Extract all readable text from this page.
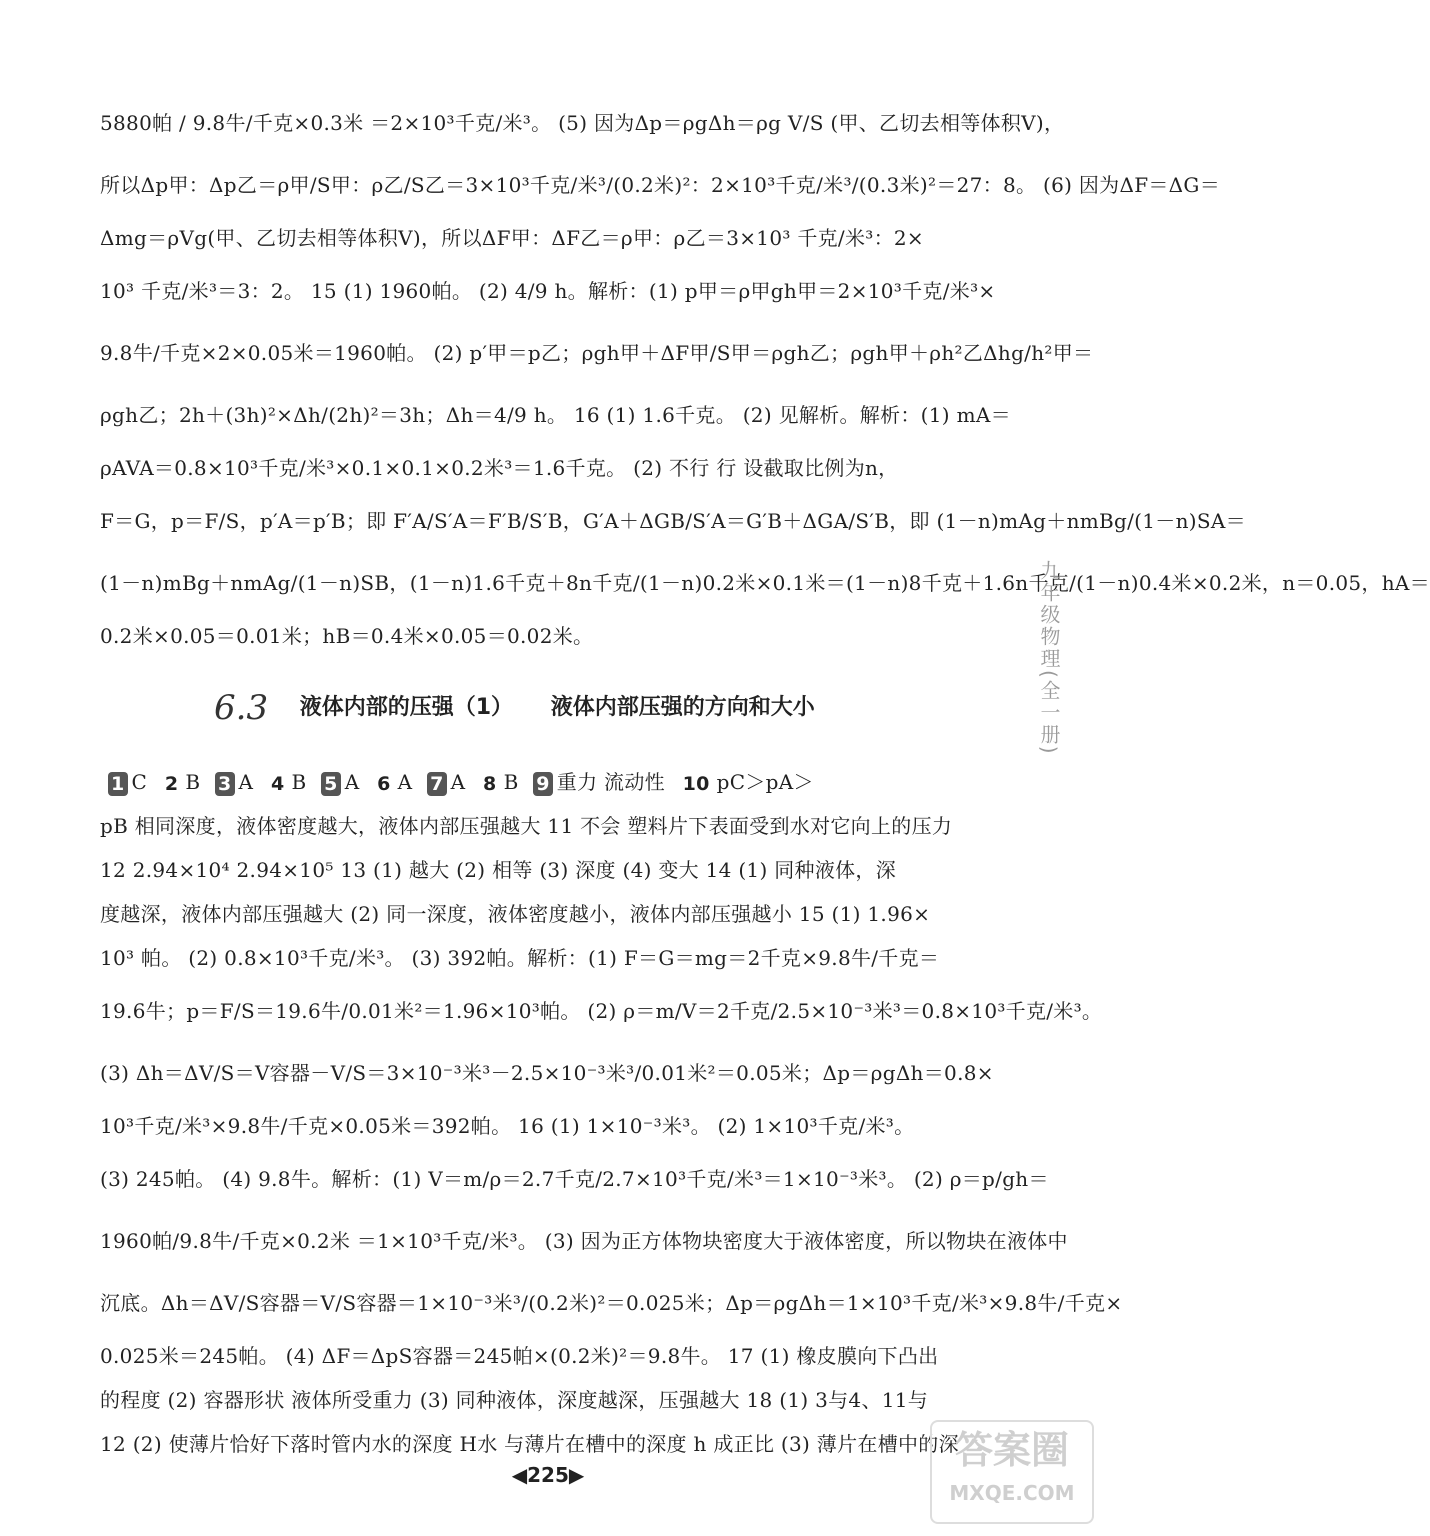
5880帕 / 9.8牛/千克×0.3米 ＝2×10³千克/米³。 (5) 因为Δp＝ρgΔh＝ρg V/S (甲、乙切去相等体积V)，
所以Δp甲：Δp乙＝ρ甲/S甲：ρ乙/S乙＝3×10³千克/米³/(0.2米)²：2×10³千克/米³/(0.3米)²＝27：8。 (6) 因为ΔF＝ΔG＝
Δmg＝ρVg(甲、乙切去相等体积V)，所以ΔF甲：ΔF乙＝ρ甲：ρ乙＝3×10³ 千克/米³：2×
10³ 千克/米³＝3：2。 15 (1) 1960帕。 (2) 4/9 h。解析：(1) p甲＝ρ甲gh甲＝2×10³千克/米³×
9.8牛/千克×2×0.05米＝1960帕。 (2) p′甲＝p乙；ρgh甲＋ΔF甲/S甲＝ρgh乙；ρgh甲＋ρh²乙Δhg/h²甲＝
ρgh乙；2h＋(3h)²×Δh/(2h)²＝3h；Δh＝4/9 h。 16 (1) 1.6千克。 (2) 见解析。解析：(1) mA＝
ρAVA＝0.8×10³千克/米³×0.1×0.1×0.2米³＝1.6千克。 (2) 不行 行 设截取比例为n，
F＝G，p＝F/S，p′A＝p′B；即 F′A/S′A＝F′B/S′B，G′A＋ΔGB/S′A＝G′B＋ΔGA/S′B，即 (1－n)mAg＋nmBg/(1－n)SA＝
(1－n)mBg＋nmAg/(1－n)SB，(1－n)1.6千克＋8n千克/(1－n)0.2米×0.1米＝(1－n)8千克＋1.6n千克/(1－n)0.4米×0.2米，n＝0.05，hA＝
0.2米×0.05＝0.01米；hB＝0.4米×0.05＝0.02米。
6.3 液体内部的压强（1） 液体内部压强的方向和大小
1 C 2 B 3 A 4 B 5 A 6 A 7 A 8 B 9 重力 流动性 10 pC＞pA＞
pB 相同深度，液体密度越大，液体内部压强越大 11 不会 塑料片下表面受到水对它向上的压力
12 2.94×10⁴ 2.94×10⁵ 13 (1) 越大 (2) 相等 (3) 深度 (4) 变大 14 (1) 同种液体，深
度越深，液体内部压强越大 (2) 同一深度，液体密度越小，液体内部压强越小 15 (1) 1.96×
10³ 帕。 (2) 0.8×10³千克/米³。 (3) 392帕。解析：(1) F＝G＝mg＝2千克×9.8牛/千克＝
19.6牛；p＝F/S＝19.6牛/0.01米²＝1.96×10³帕。 (2) ρ＝m/V＝2千克/2.5×10⁻³米³＝0.8×10³千克/米³。
(3) Δh＝ΔV/S＝V容器－V/S＝3×10⁻³米³－2.5×10⁻³米³/0.01米²＝0.05米；Δp＝ρgΔh＝0.8×
10³千克/米³×9.8牛/千克×0.05米＝392帕。 16 (1) 1×10⁻³米³。 (2) 1×10³千克/米³。
(3) 245帕。 (4) 9.8牛。解析：(1) V＝m/ρ＝2.7千克/2.7×10³千克/米³＝1×10⁻³米³。 (2) ρ＝p/gh＝
1960帕/9.8牛/千克×0.2米 ＝1×10³千克/米³。 (3) 因为正方体物块密度大于液体密度，所以物块在液体中
沉底。Δh＝ΔV/S容器＝V/S容器＝1×10⁻³米³/(0.2米)²＝0.025米；Δp＝ρgΔh＝1×10³千克/米³×9.8牛/千克×
0.025米＝245帕。 (4) ΔF＝ΔpS容器＝245帕×(0.2米)²＝9.8牛。 17 (1) 橡皮膜向下凸出
的程度 (2) 容器形状 液体所受重力 (3) 同种液体，深度越深，压强越大 18 (1) 3与4、11与
12 (2) 使薄片恰好下落时管内水的深度 H水 与薄片在槽中的深度 h 成正比 (3) 薄片在槽中的深
九年级物理(全一册)
◀225▶
答案圈
MXQE.COM
